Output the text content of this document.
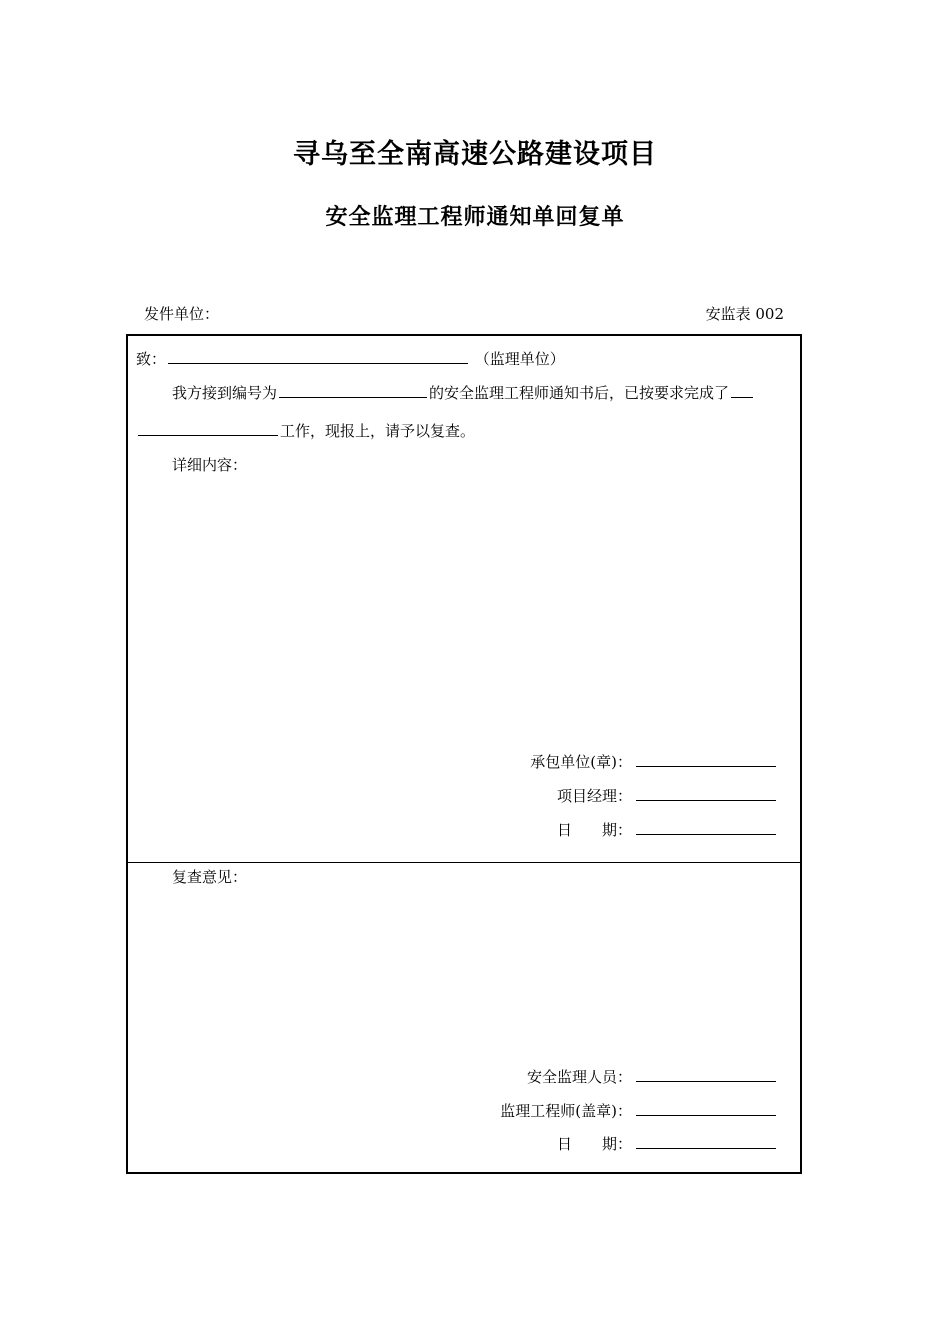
寻乌至全南高速公路建设项目
安全监理工程师通知单回复单
发件单位：	安监表 002
致：	（监理单位）
我方接到编号为	的安全监理工程师通知书后，已按要求完成了
工作，现报上，请予以复查。
详细内容：
承包单位(章)：
项目经理：
日　　期：
复查意见：
安全监理人员：
监理工程师(盖章)：
日　　期：
